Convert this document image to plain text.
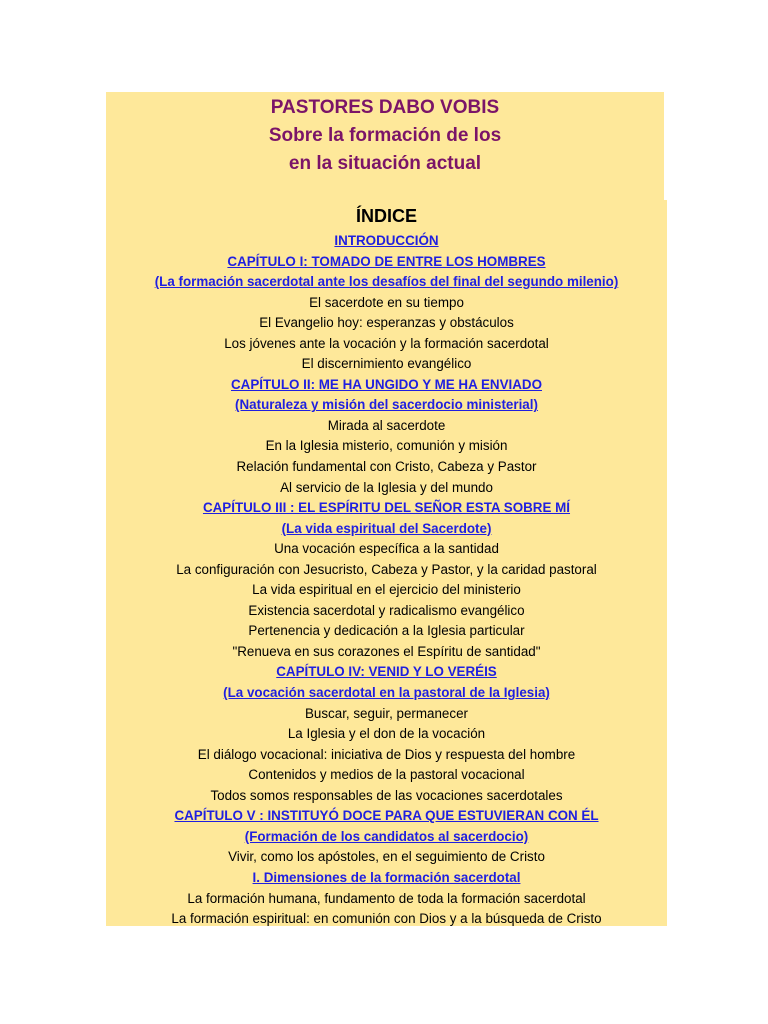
PASTORES DABO VOBIS
Sobre la formación de los
en la situación actual
ÍNDICE
INTRODUCCIÓN
CAPÍTULO I: TOMADO DE ENTRE LOS HOMBRES
(La formación sacerdotal ante los desafíos del final del segundo milenio)
El sacerdote en su tiempo
El Evangelio hoy: esperanzas y obstáculos
Los jóvenes ante la vocación y la formación sacerdotal
El discernimiento evangélico
CAPÍTULO II: ME HA UNGIDO Y ME HA ENVIADO
(Naturaleza y misión del sacerdocio ministerial)
Mirada al sacerdote
En la Iglesia misterio, comunión y misión
Relación fundamental con Cristo, Cabeza y Pastor
Al servicio de la Iglesia y del mundo
CAPÍTULO III : EL ESPÍRITU DEL SEÑOR ESTA SOBRE MÍ
(La vida espiritual del Sacerdote)
Una vocación específica a la santidad
La configuración con Jesucristo, Cabeza y Pastor, y la caridad pastoral
La vida espiritual en el ejercicio del ministerio
Existencia sacerdotal y radicalismo evangélico
Pertenencia y dedicación a la Iglesia particular
"Renueva en sus corazones el Espíritu de santidad"
CAPÍTULO IV: VENID Y LO VERÉIS
(La vocación sacerdotal en la pastoral de la Iglesia)
Buscar, seguir, permanecer
La Iglesia y el don de la vocación
El diálogo vocacional: iniciativa de Dios y respuesta del hombre
Contenidos y medios de la pastoral vocacional
Todos somos responsables de las vocaciones sacerdotales
CAPÍTULO V : INSTITUYÓ DOCE PARA QUE ESTUVIERAN CON ÉL
(Formación de los candidatos al sacerdocio)
Vivir, como los apóstoles, en el seguimiento de Cristo
I. Dimensiones de la formación sacerdotal
La formación humana, fundamento de toda la formación sacerdotal
La formación espiritual: en comunión con Dios y a la búsqueda de Cristo
